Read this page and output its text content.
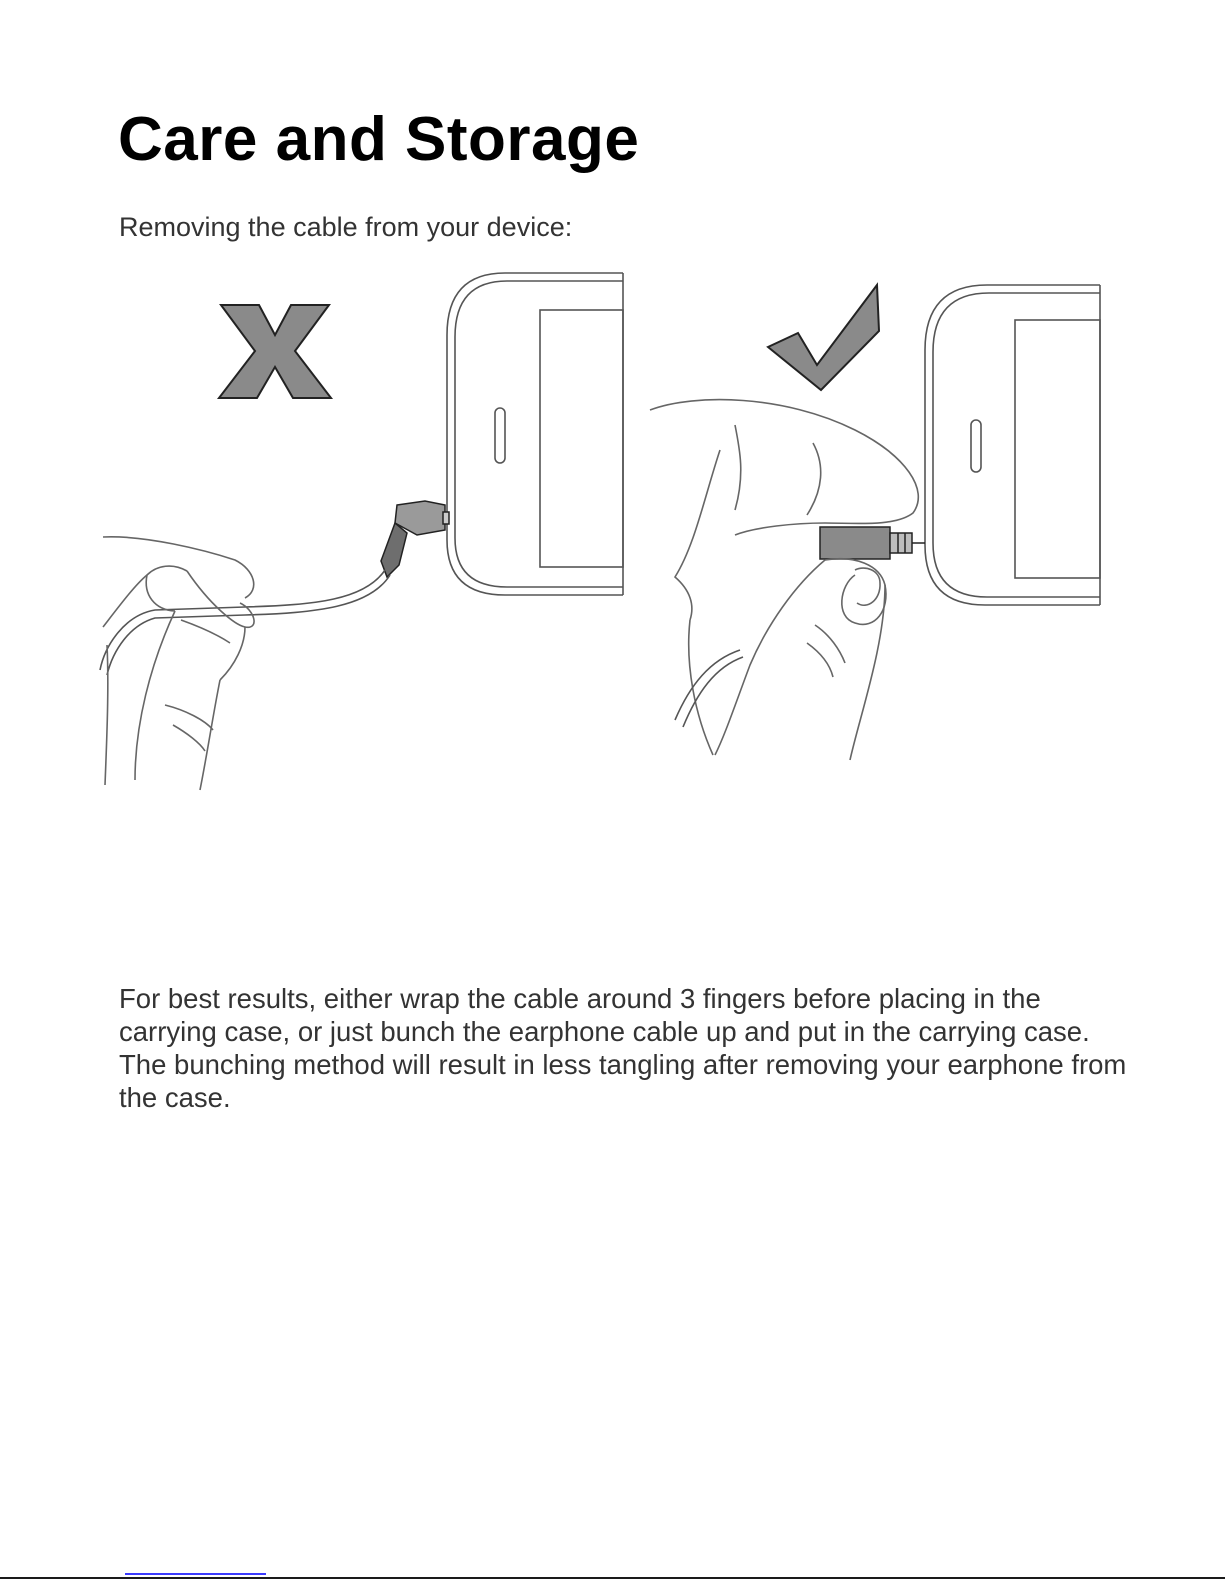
Care and Storage

Removing the cable from your device:

For best results, either wrap the cable around 3 fingers before placing in the carrying case, or just bunch the earphone cable up and put in the carrying case. The bunching method will result in less tangling after removing your earphone from the case.
